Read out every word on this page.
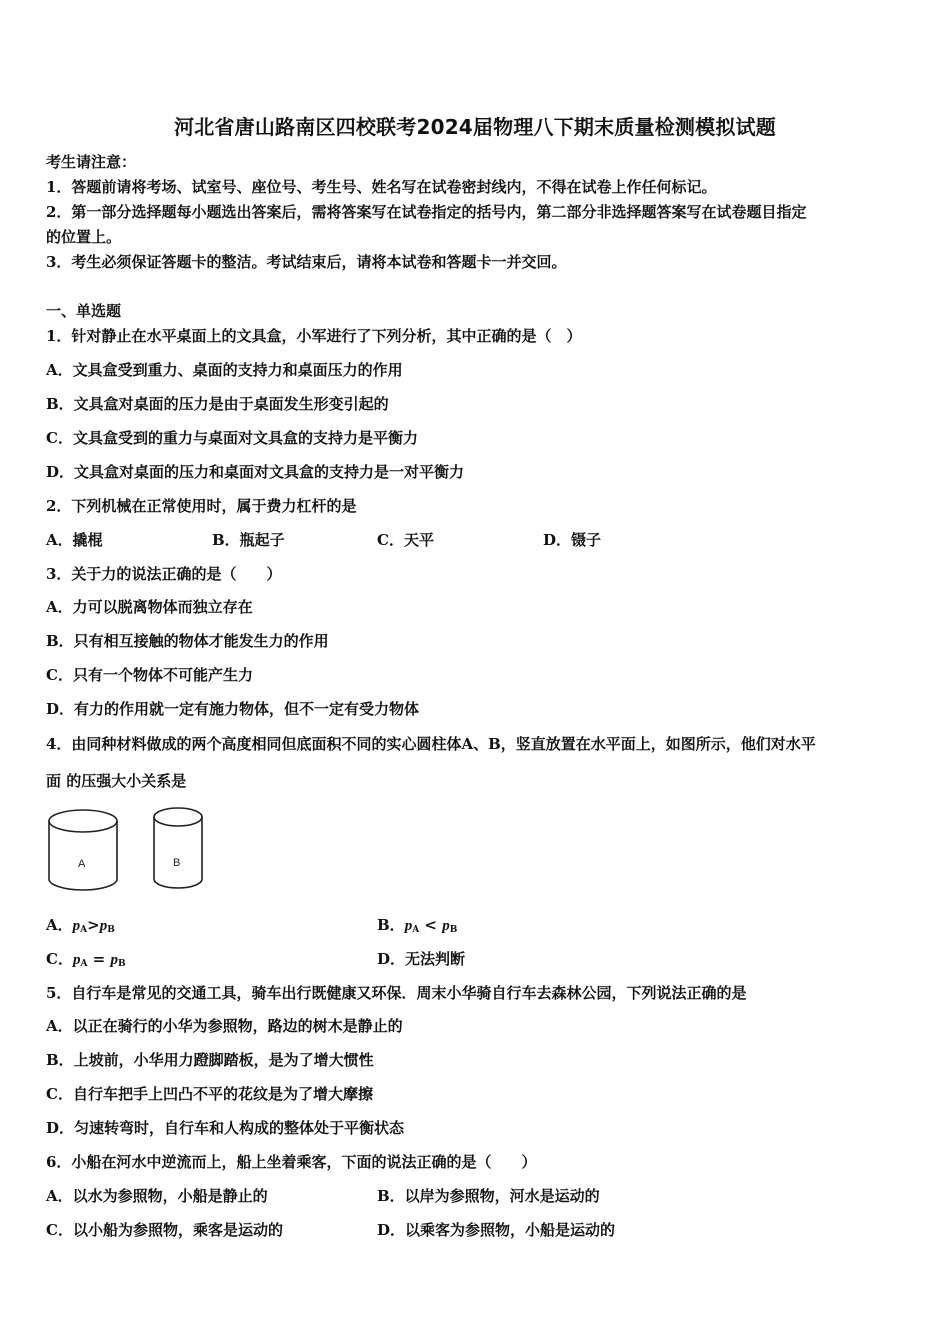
河北省唐山路南区四校联考2024届物理八下期末质量检测模拟试题
考生请注意：
1．答题前请将考场、试室号、座位号、考生号、姓名写在试卷密封线内，不得在试卷上作任何标记。
2．第一部分选择题每小题选出答案后，需将答案写在试卷指定的括号内，第二部分非选择题答案写在试卷题目指定
的位置上。
3．考生必须保证答题卡的整洁。考试结束后，请将本试卷和答题卡一并交回。
一、单选题
1．针对静止在水平桌面上的文具盒，小军进行了下列分析，其中正确的是（　）
A．文具盒受到重力、桌面的支持力和桌面压力的作用
B．文具盒对桌面的压力是由于桌面发生形变引起的
C．文具盒受到的重力与桌面对文具盒的支持力是平衡力
D．文具盒对桌面的压力和桌面对文具盒的支持力是一对平衡力
2．下列机械在正常使用时，属于费力杠杆的是
A．撬棍	B．瓶起子	C．天平	D．镊子
3．关于力的说法正确的是（　　）
A．力可以脱离物体而独立存在
B．只有相互接触的物体才能发生力的作用
C．只有一个物体不可能产生力
D．有力的作用就一定有施力物体，但不一定有受力物体
4．由同种材料做成的两个高度相同但底面积不同的实心圆柱体A、B，竖直放置在水平面上，如图所示，他们对水平
面 的压强大小关系是
A	B
A．$p_A>p_B$	B．$p_A < p_B$
C．$p_A = p_B$	D．无法判断
5．自行车是常见的交通工具，骑车出行既健康又环保．周末小华骑自行车去森林公园，下列说法正确的是
A．以正在骑行的小华为参照物，路边的树木是静止的
B．上坡前，小华用力蹬脚踏板，是为了增大惯性
C．自行车把手上凹凸不平的花纹是为了增大摩擦
D．匀速转弯时，自行车和人构成的整体处于平衡状态
6．小船在河水中逆流而上，船上坐着乘客，下面的说法正确的是（　　）
A．以水为参照物，小船是静止的	B．以岸为参照物，河水是运动的
C．以小船为参照物，乘客是运动的	D．以乘客为参照物，小船是运动的
